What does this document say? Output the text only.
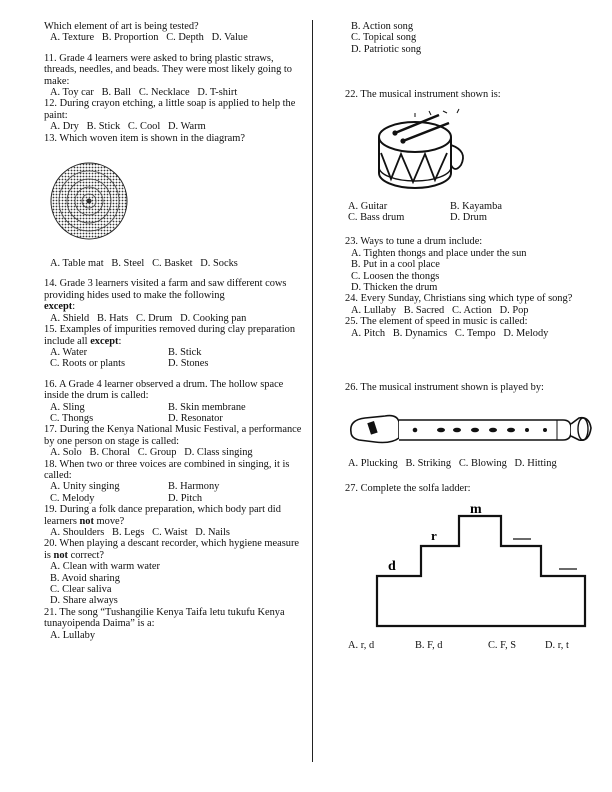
Which element of art is being tested?

A. Texture   B. Proportion   C. Depth   D. Value

11. Grade 4 learners were asked to bring plastic straws, threads, needles, and beads. They were most likely going to make:

A. Toy car   B. Ball   C. Necklace   D. T-shirt

12. During crayon etching, a little soap is applied to help the paint:

A. Dry   B. Stick   C. Cool   D. Warm

13. Which woven item is shown in the diagram?

A. Table mat   B. Steel   C. Basket   D. Socks

14. Grade 3 learners visited a farm and saw different cows providing hides used to make the following
except:

A. Shield   B. Hats   C. Drum   D. Cooking pan

15. Examples of impurities removed during clay preparation include all except:

A. Water	B. Stick
C. Roots or plants	D. Stones

16. A Grade 4 learner observed a drum. The hollow space inside the drum is called:

A. Sling	B. Skin membrane
C. Thongs	D. Resonator

17. During the Kenya National Music Festival, a performance by one person on stage is called:

A. Solo   B. Choral   C. Group   D. Class singing

18. When two or three voices are combined in singing, it is called:

A. Unity singing	B. Harmony
C. Melody	D. Pitch

19. During a folk dance preparation, which body part did learners not move?

A. Shoulders   B. Legs   C. Waist   D. Nails

20. When playing a descant recorder, which hygiene measure is not correct?

A. Clean with warm water
B. Avoid sharing
C. Clear saliva
D. Share always

21. The song “Tushangilie Kenya Taifa letu tukufu Kenya tunayoipenda Daima” is a:

A. Lullaby
B. Action song
C. Topical song
D. Patriotic song

22. The musical instrument shown is:

A. Guitar	B. Kayamba
C. Bass drum	D. Drum

23. Ways to tune a drum include:

A. Tighten thongs and place under the sun
B. Put in a cool place
C. Loosen the thongs
D. Thicken the drum

24. Every Sunday, Christians sing which type of song?

A. Lullaby   B. Sacred   C. Action   D. Pop

25. The element of speed in music is called:

A. Pitch   B. Dynamics   C. Tempo   D. Melody

26. The musical instrument shown is played by:

A. Plucking   B. Striking   C. Blowing   D. Hitting

27. Complete the solfa ladder:

d
r
m
A. r, d	B. F, d	C. F, S	D. r, t
